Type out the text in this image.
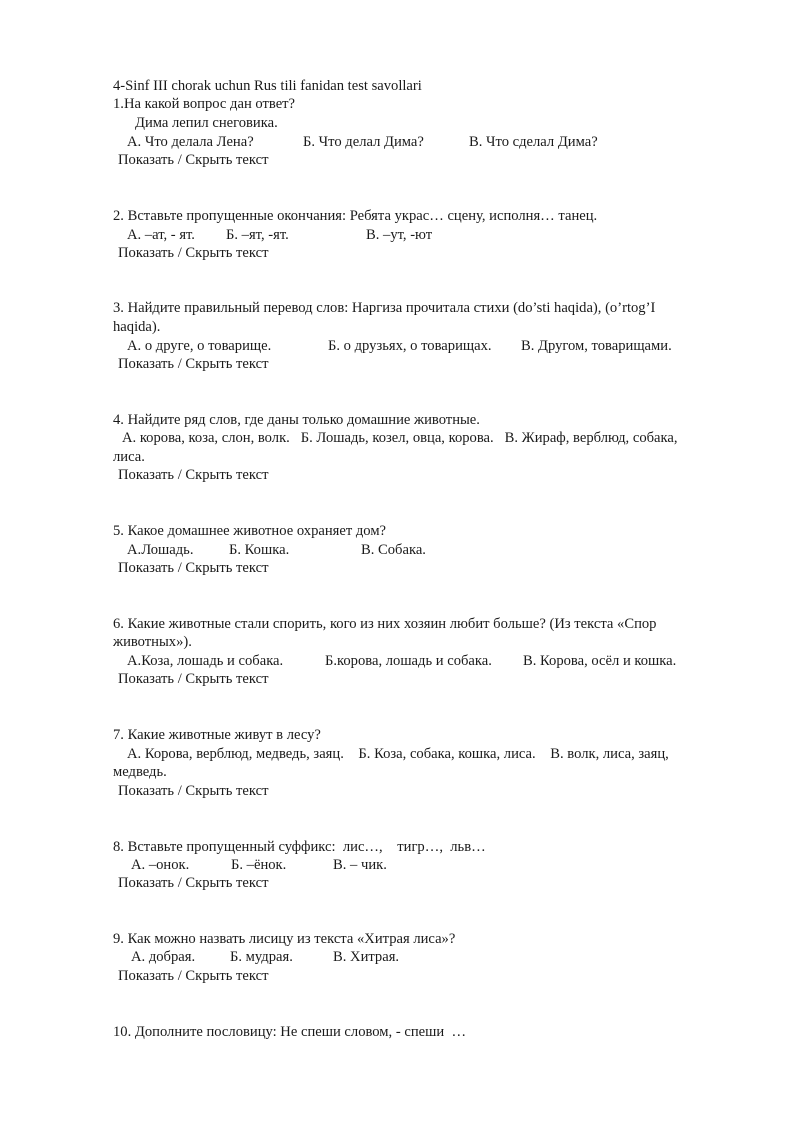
4-Sinf III chorak uchun Rus tili fanidan test savollari
1.На какой вопрос дан ответ?
Дима лепил снеговика.
А. Что делала Лена?	Б. Что делал Дима?	В. Что сделал Дима?
Показать / Скрыть текст
2. Вставьте пропущенные окончания: Ребята украс… сцену, исполня… танец.
А. –ат, - ят. Б. –ят, -ят.	В. –ут, -ют
Показать / Скрыть текст
3. Найдите правильный перевод слов: Наргиза прочитала стихи (do’sti haqida), (o’rtog’I
haqida).
А. о друге, о товарище.	Б. о друзьях, о товарищах. В. Другом, товарищами.
Показать / Скрыть текст
4. Найдите ряд слов, где даны только домашние животные.
А. корова, коза, слон, волк.   Б. Лошадь, козел, овца, корова.   В. Жираф, верблюд, собака,
лиса.
Показать / Скрыть текст
5. Какое домашнее животное охраняет дом?
А.Лошадь. Б. Кошка.	В. Собака.
Показать / Скрыть текст
6. Какие животные стали спорить, кого из них хозяин любит больше? (Из текста «Спор
животных»).
А.Коза, лошадь и собака.	Б.корова, лошадь и собака. В. Корова, осёл и кошка.
Показать / Скрыть текст
7. Какие животные живут в лесу?
А. Корова, верблюд, медведь, заяц.    Б. Коза, собака, кошка, лиса.    В. волк, лиса, заяц,
медведь.
Показать / Скрыть текст
8. Вставьте пропущенный суффикс:  лис…,    тигр…,  льв…
А. –онок.	Б. –ёнок.	В. – чик.
Показать / Скрыть текст
9. Как можно назвать лисицу из текста «Хитрая лиса»?
А. добрая. Б. мудрая.	В. Хитрая.
Показать / Скрыть текст
10. Дополните пословицу: Не спеши словом, - спеши  …
